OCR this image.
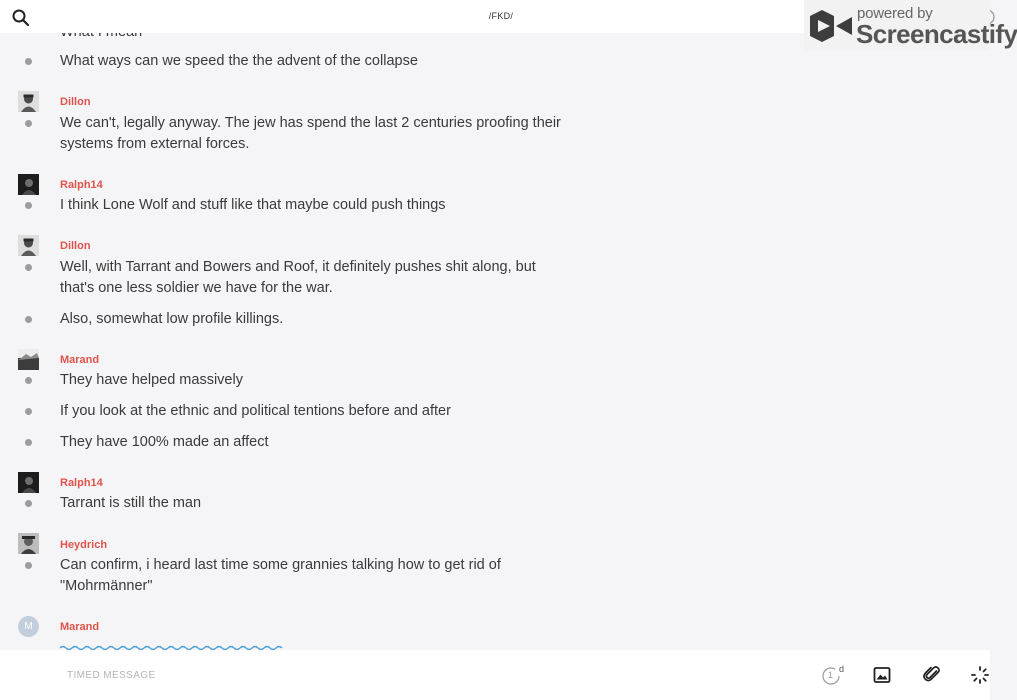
What ways can we speed the the advent of the collapse
Dillon
We can't, legally anyway. The jew has spend the last 2 centuries proofing their
systems from external forces.
Ralph14
I think Lone Wolf and stuff like that maybe could push things
Dillon
Well, with Tarrant and Bowers and Roof, it definitely pushes shit along, but
that's one less soldier we have for the war.
Also, somewhat low profile killings.
Marand
They have helped massively
If you look at the ethnic and political tentions before and after
They have 100% made an affect
Ralph14
Tarrant is still the man
Heydrich
Can confirm, i heard last time some grannies talking how to get rid of
"Mohrmänner"
M	Marand
/FKD/	powered by
Screencastify
TIMED MESSAGE	1
d
